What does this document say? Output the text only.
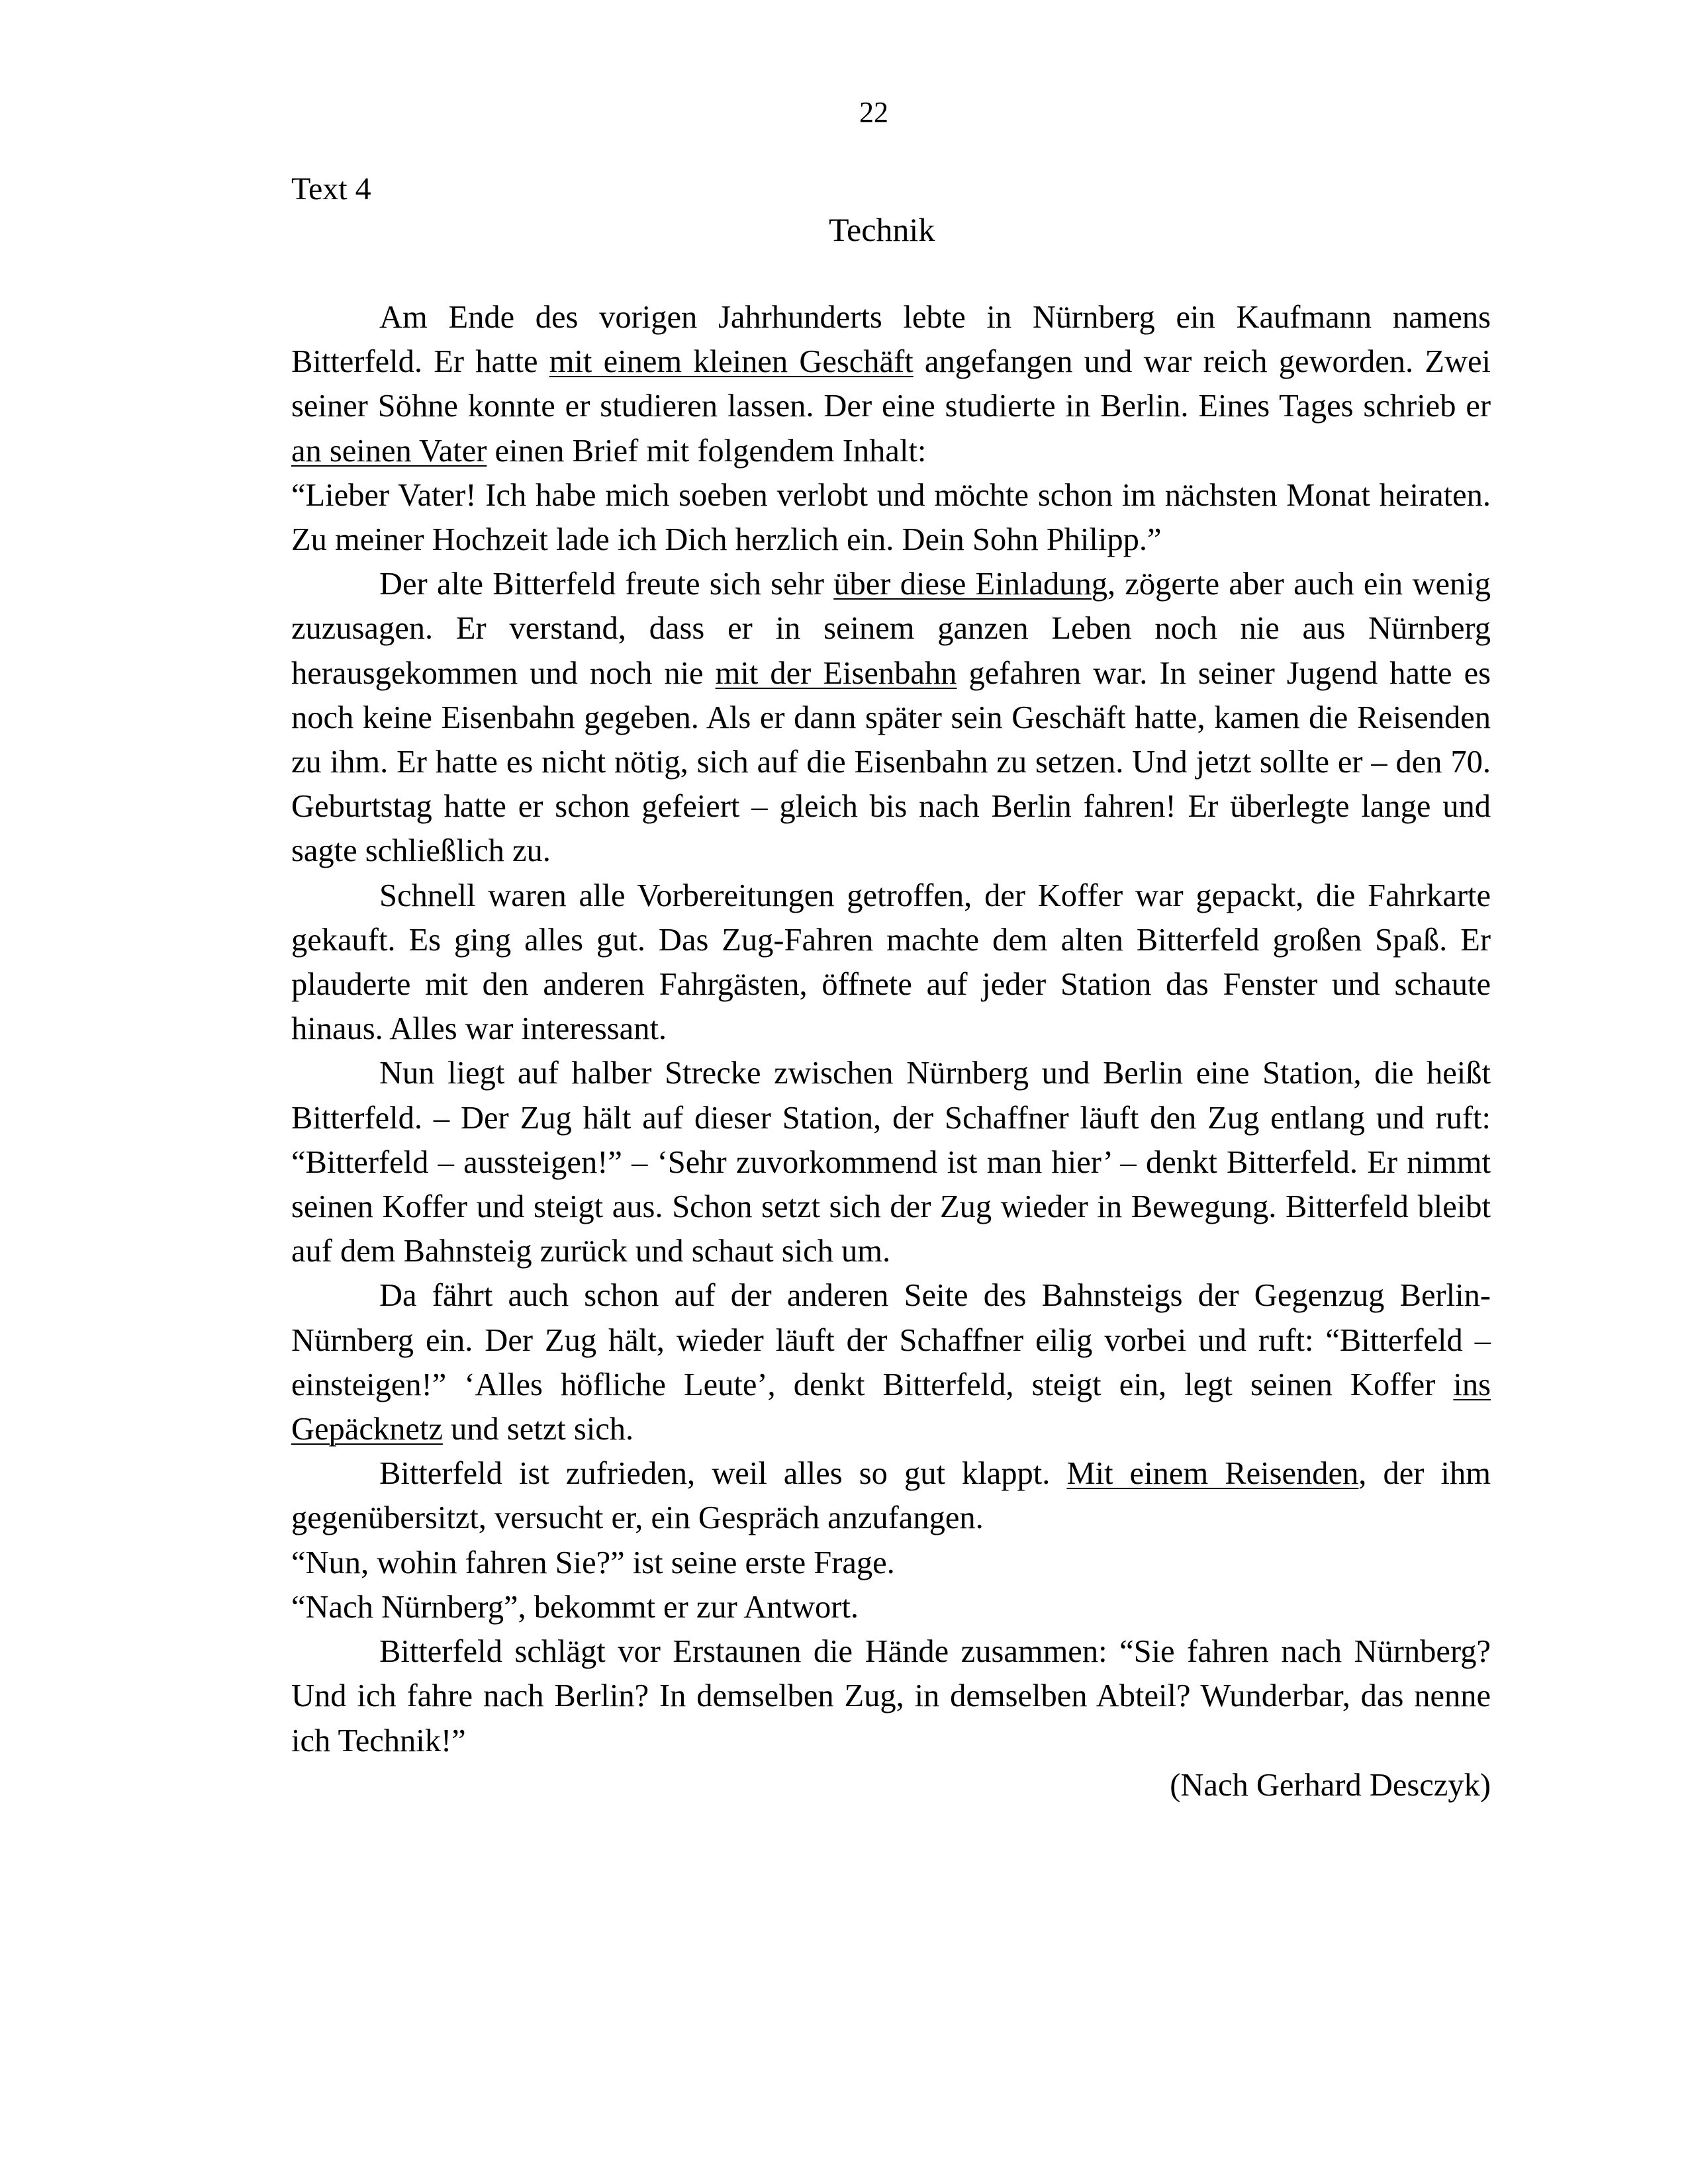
22
Text 4
Technik

Am Ende des vorigen Jahrhunderts lebte in Nürnberg ein Kaufmann namens Bitterfeld. Er hatte mit einem kleinen Geschäft angefangen und war reich geworden. Zwei seiner Söhne konnte er studieren lassen. Der eine studierte in Berlin. Eines Tages schrieb er an seinen Vater einen Brief mit folgendem Inhalt:

“Lieber Vater! Ich habe mich soeben verlobt und möchte schon im nächsten Monat heiraten. Zu meiner Hochzeit lade ich Dich herzlich ein. Dein Sohn Philipp.”

Der alte Bitterfeld freute sich sehr über diese Einladung, zögerte aber auch ein wenig zuzusagen. Er verstand, dass er in seinem ganzen Leben noch nie aus Nürnberg herausgekommen und noch nie mit der Eisenbahn gefahren war. In seiner Jugend hatte es noch keine Eisenbahn gegeben. Als er dann später sein Geschäft hatte, kamen die Reisenden zu ihm. Er hatte es nicht nötig, sich auf die Eisenbahn zu setzen. Und jetzt sollte er – den 70. Geburtstag hatte er schon gefeiert – gleich bis nach Berlin fahren! Er überlegte lange und sagte schließlich zu.

Schnell waren alle Vorbereitungen getroffen, der Koffer war gepackt, die Fahrkarte gekauft. Es ging alles gut. Das Zug-Fahren machte dem alten Bitterfeld großen Spaß. Er plauderte mit den anderen Fahrgästen, öffnete auf jeder Station das Fenster und schaute hinaus. Alles war interessant.

Nun liegt auf halber Strecke zwischen Nürnberg und Berlin eine Station, die heißt Bitterfeld. – Der Zug hält auf dieser Station, der Schaffner läuft den Zug entlang und ruft: “Bitterfeld – aussteigen!” – ‘Sehr zuvorkommend ist man hier’ – denkt Bitterfeld. Er nimmt seinen Koffer und steigt aus. Schon setzt sich der Zug wieder in Bewegung. Bitterfeld bleibt auf dem Bahnsteig zurück und schaut sich um.

Da fährt auch schon auf der anderen Seite des Bahnsteigs der Gegenzug Berlin-Nürnberg ein. Der Zug hält, wieder läuft der Schaffner eilig vorbei und ruft: “Bitterfeld – einsteigen!” ‘Alles höfliche Leute’, denkt Bitterfeld, steigt ein, legt seinen Koffer ins Gepäcknetz und setzt sich.

Bitterfeld ist zufrieden, weil alles so gut klappt. Mit einem Reisenden, der ihm gegenübersitzt, versucht er, ein Gespräch anzufangen.

“Nun, wohin fahren Sie?” ist seine erste Frage.

“Nach Nürnberg”, bekommt er zur Antwort.

Bitterfeld schlägt vor Erstaunen die Hände zusammen: “Sie fahren nach Nürnberg? Und ich fahre nach Berlin? In demselben Zug, in demselben Abteil? Wunderbar, das nenne ich Technik!”

(Nach Gerhard Desczyk)
